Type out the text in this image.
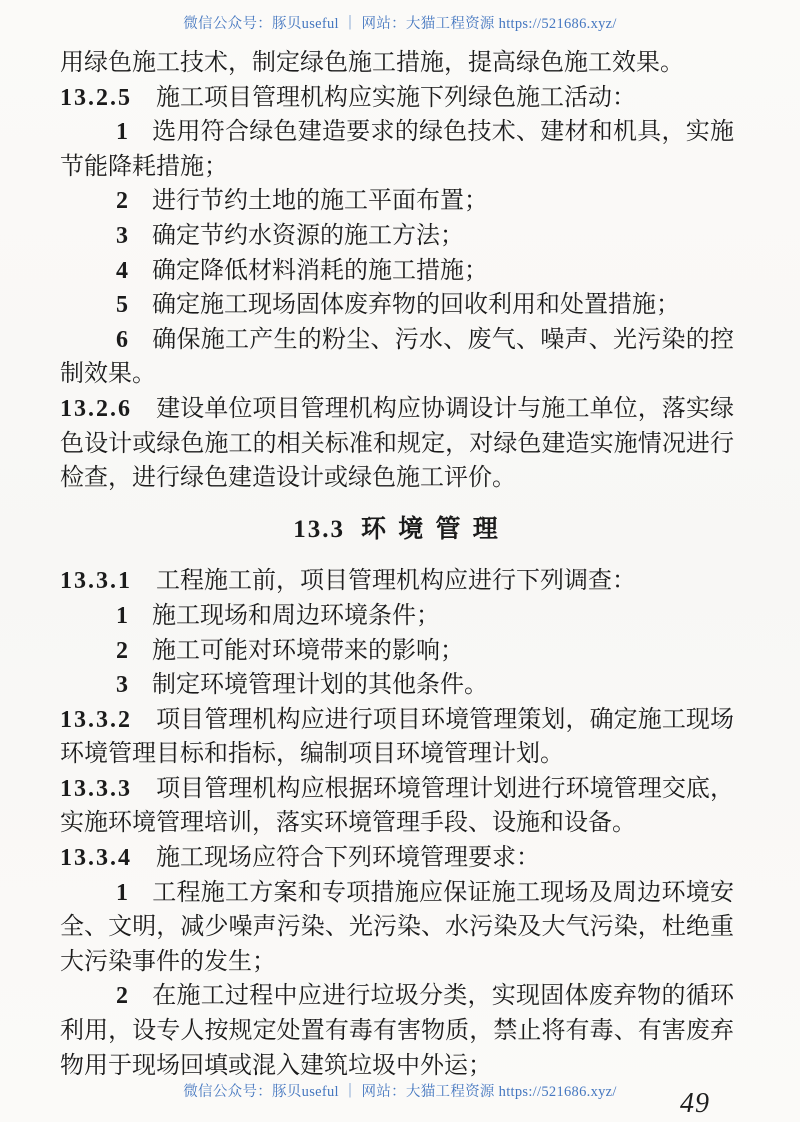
微信公众号：豚贝useful ｜ 网站：大猫工程资源 https://521686.xyz/

用绿色施工技术，制定绿色施工措施，提高绿色施工效果。

13.2.5 施工项目管理机构应实施下列绿色施工活动：

1 选用符合绿色建造要求的绿色技术、建材和机具，实施节能降耗措施；

2 进行节约土地的施工平面布置；

3 确定节约水资源的施工方法；

4 确定降低材料消耗的施工措施；

5 确定施工现场固体废弃物的回收利用和处置措施；

6 确保施工产生的粉尘、污水、废气、噪声、光污染的控制效果。

13.2.6 建设单位项目管理机构应协调设计与施工单位，落实绿色设计或绿色施工的相关标准和规定，对绿色建造实施情况进行检查，进行绿色建造设计或绿色施工评价。

13.3 环 境 管 理

13.3.1 工程施工前，项目管理机构应进行下列调查：

1 施工现场和周边环境条件；

2 施工可能对环境带来的影响；

3 制定环境管理计划的其他条件。

13.3.2 项目管理机构应进行项目环境管理策划，确定施工现场环境管理目标和指标，编制项目环境管理计划。

13.3.3 项目管理机构应根据环境管理计划进行环境管理交底，实施环境管理培训，落实环境管理手段、设施和设备。

13.3.4 施工现场应符合下列环境管理要求：

1 工程施工方案和专项措施应保证施工现场及周边环境安全、文明，减少噪声污染、光污染、水污染及大气污染，杜绝重大污染事件的发生；

2 在施工过程中应进行垃圾分类，实现固体废弃物的循环利用，设专人按规定处置有毒有害物质，禁止将有毒、有害废弃物用于现场回填或混入建筑垃圾中外运；

微信公众号：豚贝useful ｜ 网站：大猫工程资源 https://521686.xyz/	49
